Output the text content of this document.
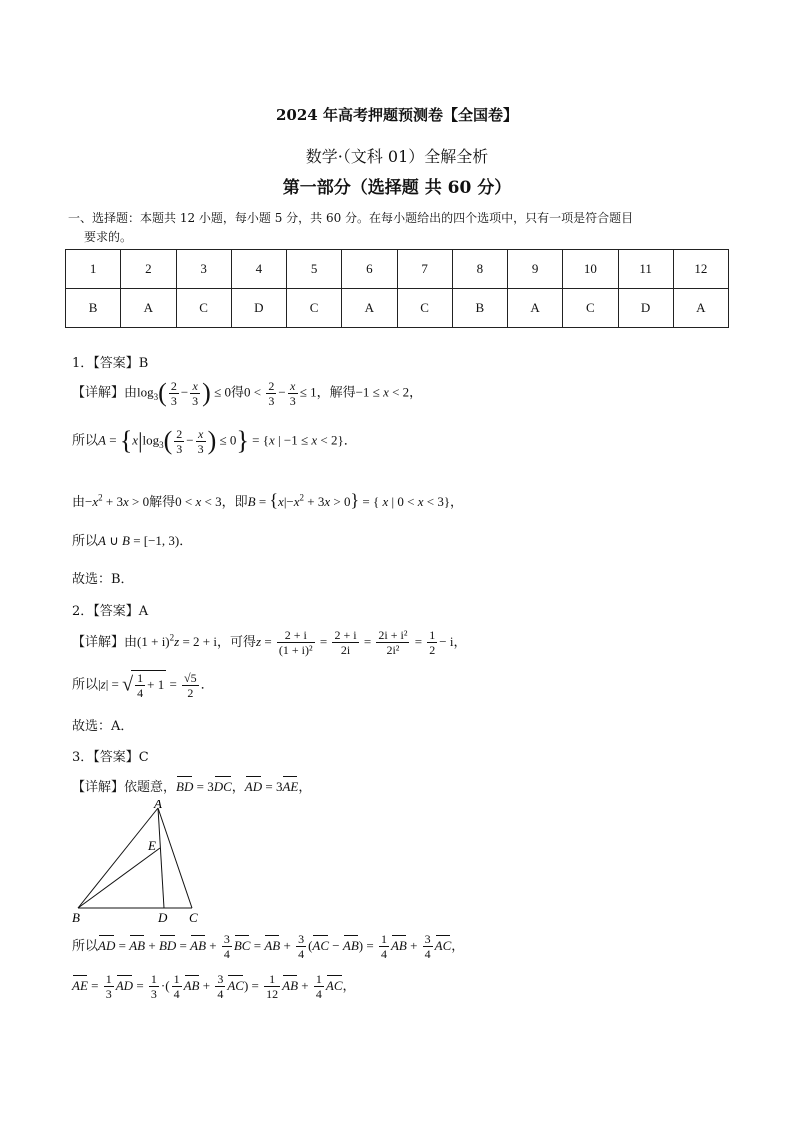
2024 年高考押题预测卷【全国卷】
数学·（文科 01）全解全析
第一部分（选择题 共 60 分）
一、选择题：本题共 12 小题，每小题 5 分，共 60 分。在每小题给出的四个选项中，只有一项是符合题目
要求的。
1	2	3	4	5	6	7	8	9	10	11	12
B	A	C	D	C	A	C	B	A	C	D	A
1．【答案】B
【详解】由$\log_3( \frac{2}{3} - \frac{x}{3}$ ) ≤ 0得$0 < \frac{2}{3} - \frac{x}{3} \le 1$，解得−1 ≤ x < 2，
所以$A = \{x|\log_3( \frac{2}{3} - \frac{x}{3}$ ) ≤ 0} = {x | −1 ≤ x < 2}．
由$-x^2 + 3x > 0$解得0 < x < 3，即$B = \{x|-x^2 + 3x > 0\}$ = { x | 0 < x < 3}，
所以A ∪ B = [−1, 3)．
故选：B．
2．【答案】A
【详解】由$(1 + i)^2z = 2 + i$，可得$z = \frac{2 + i}{\text{(1 + i)²}} = \frac{2 + i}{2i} = \frac{\text{2i + i²}}{\text{2i²}} = \frac{1}{2} - i$，
所以|z| = √ $\frac{1}{4} + 1 = \frac{√5}{2}$ ．
故选：A．
3．【答案】C
【详解】依题意，BD = 3DC，AD = 3AE，
A
E
B	D C
所以AD = AB + BD = AB + $\frac{3}{4}$ BC = AB + $\frac{3}{4} (AC - AB) = \frac{1}{4}$ AB + $\frac{3}{4}$ AC，
AE = $\frac{1}{3}$ AD = $\frac{1}{3}$ ·( $\frac{1}{4}$ AB + $\frac{3}{4} AC) = \frac{1}{12}$ AB + $\frac{1}{4}$ AC，
